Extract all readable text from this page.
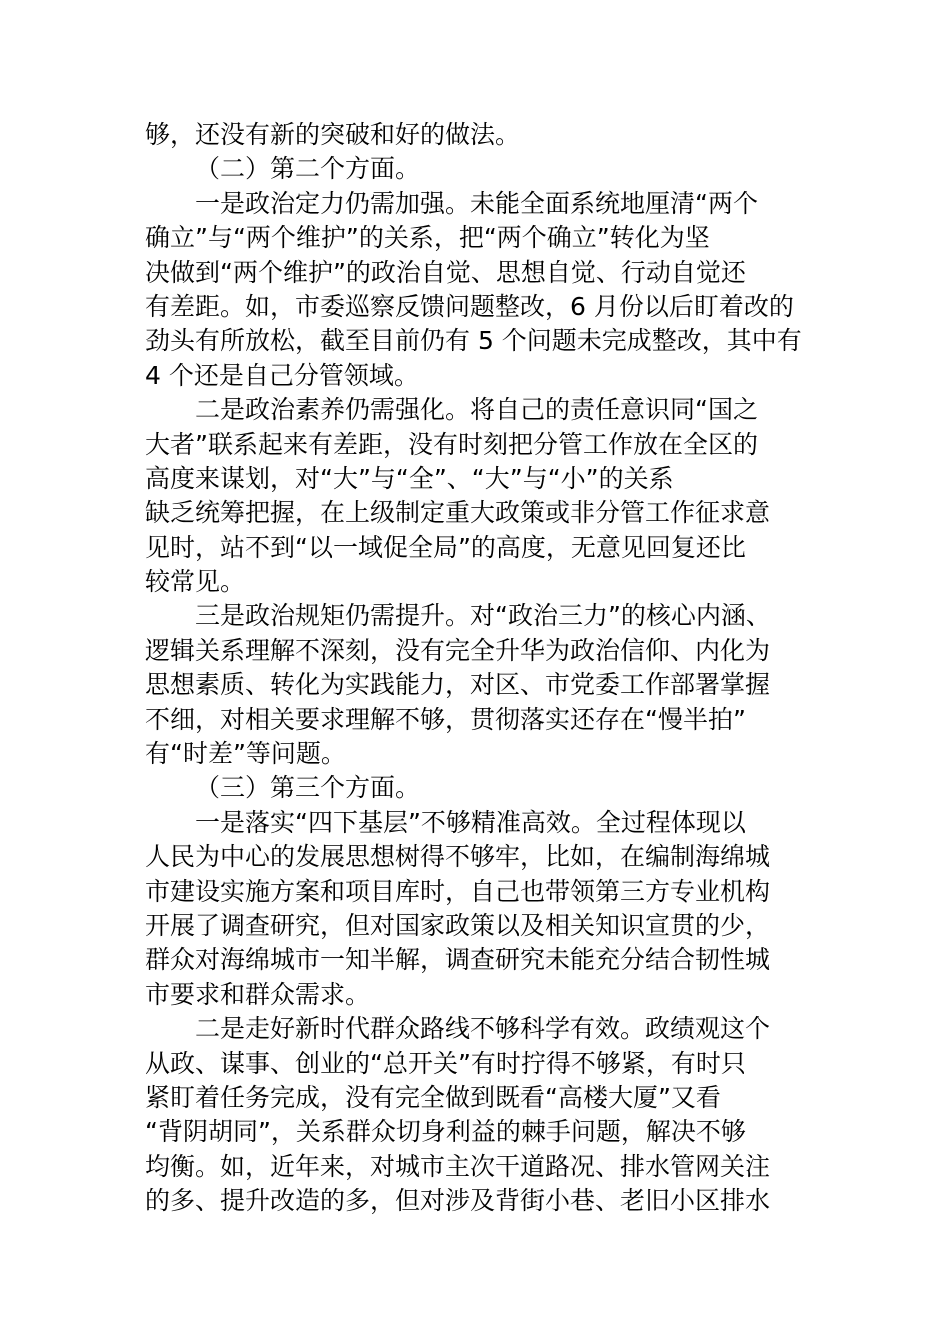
够，还没有新的突破和好的做法。
（二）第二个方面。
一是政治定力仍需加强。未能全面系统地厘清“两个
确立”与“两个维护”的关系，把“两个确立”转化为坚
决做到“两个维护”的政治自觉、思想自觉、行动自觉还
有差距。如，市委巡察反馈问题整改，6 月份以后盯着改的
劲头有所放松，截至目前仍有 5 个问题未完成整改，其中有
4 个还是自己分管领域。
二是政治素养仍需强化。将自己的责任意识同“国之
大者”联系起来有差距，没有时刻把分管工作放在全区的
高度来谋划，对“大”与“全”、“大”与“小”的关系
缺乏统筹把握，在上级制定重大政策或非分管工作征求意
见时，站不到“以一域促全局”的高度，无意见回复还比
较常见。
三是政治规矩仍需提升。对“政治三力”的核心内涵、
逻辑关系理解不深刻，没有完全升华为政治信仰、内化为
思想素质、转化为实践能力，对区、市党委工作部署掌握
不细，对相关要求理解不够，贯彻落实还存在“慢半拍”
有“时差”等问题。
（三）第三个方面。
一是落实“四下基层”不够精准高效。全过程体现以
人民为中心的发展思想树得不够牢，比如，在编制海绵城
市建设实施方案和项目库时，自己也带领第三方专业机构
开展了调查研究，但对国家政策以及相关知识宣贯的少，
群众对海绵城市一知半解，调查研究未能充分结合韧性城
市要求和群众需求。
二是走好新时代群众路线不够科学有效。政绩观这个
从政、谋事、创业的“总开关”有时拧得不够紧，有时只
紧盯着任务完成，没有完全做到既看“高楼大厦”又看
“背阴胡同”，关系群众切身利益的棘手问题，解决不够
均衡。如，近年来，对城市主次干道路况、排水管网关注
的多、提升改造的多，但对涉及背街小巷、老旧小区排水
